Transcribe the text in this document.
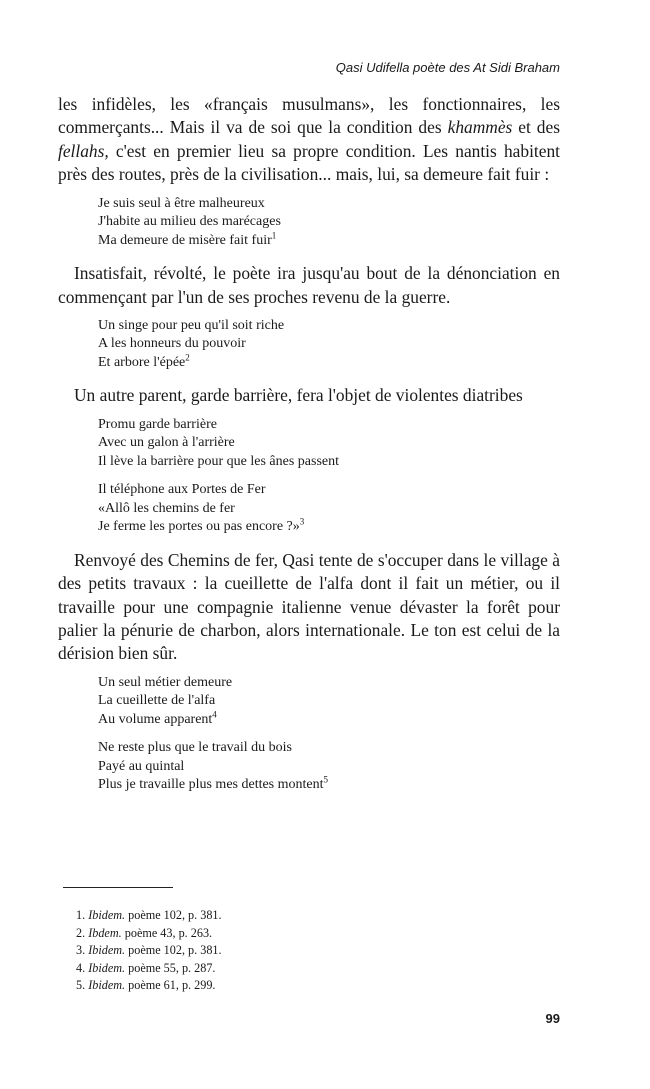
Qasi Udifella poète des At Sidi Braham

les infidèles, les «français musulmans», les fonctionnaires, les commerçants... Mais il va de soi que la condition des khammès et des fellahs, c'est en premier lieu sa propre condition. Les nantis habitent près des routes, près de la civilisation... mais, lui, sa demeure fait fuir :

Je suis seul à être malheureux
J'habite au milieu des marécages
Ma demeure de misère fait fuir$^1$

Insatisfait, révolté, le poète ira jusqu'au bout de la dénonciation en commençant par l'un de ses proches revenu de la guerre.

Un singe pour peu qu'il soit riche
A les honneurs du pouvoir
Et arbore l'épée$^2$

Un autre parent, garde barrière, fera l'objet de violentes diatribes

Promu garde barrière
Avec un galon à l'arrière
Il lève la barrière pour que les ânes passent
Il téléphone aux Portes de Fer
«Allô les chemins de fer
Je ferme les portes ou pas encore ?»$^3$

Renvoyé des Chemins de fer, Qasi tente de s'occuper dans le village à des petits travaux : la cueillette de l'alfa dont il fait un métier, ou il travaille pour une compagnie italienne venue dévaster la forêt pour palier la pénurie de charbon, alors internationale. Le ton est celui de la dérision bien sûr.

Un seul métier demeure
La cueillette de l'alfa
Au volume apparent$^4$
Ne reste plus que le travail du bois
Payé au quintal
Plus je travaille plus mes dettes montent$^5$
1. Ibidem. poème 102, p. 381.
2. Ibdem. poème 43, p. 263.
3. Ibidem. poème 102, p. 381.
4. Ibidem. poème 55, p. 287.
5. Ibidem. poème 61, p. 299.
99
